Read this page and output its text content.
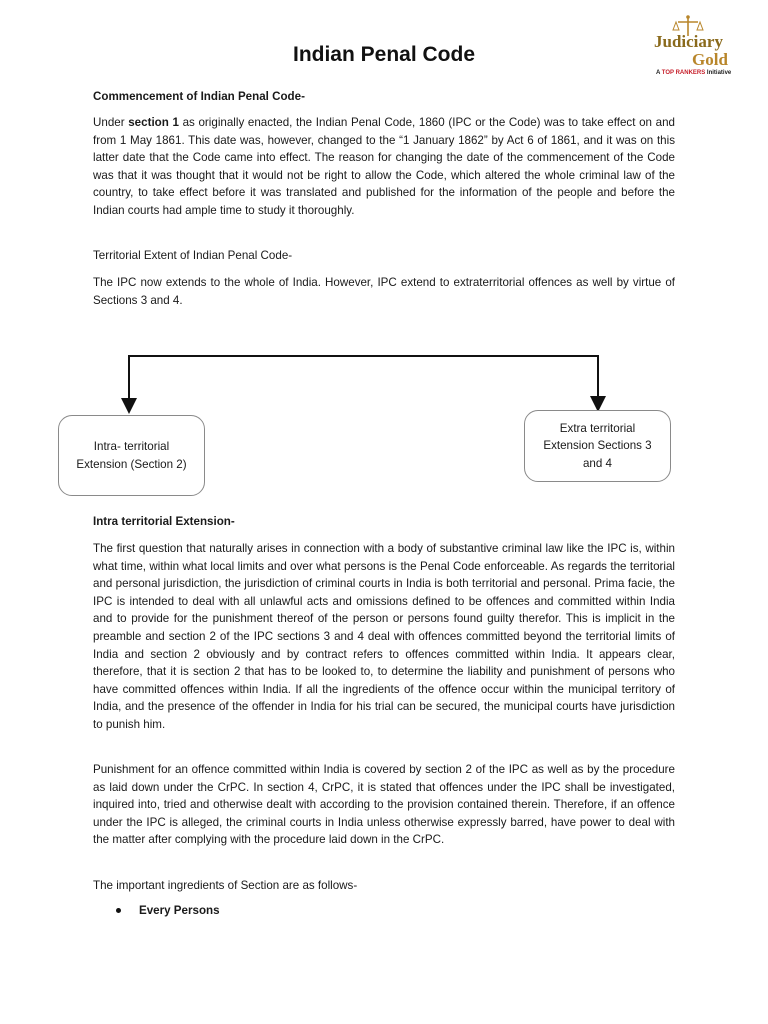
Judiciary
Gold
A TOP RANKERS Initiative
Indian Penal Code

Commencement of Indian Penal Code-

Under section 1 as originally enacted, the Indian Penal Code, 1860 (IPC or the Code) was to take effect on and from 1 May 1861. This date was, however, changed to the “1 January 1862” by Act 6 of 1861, and it was on this latter date that the Code came into effect. The reason for changing the date of the commencement of the Code was that it was thought that it would not be right to allow the Code, which altered the whole criminal law of the country, to take effect before it was translated and published for the information of the people and before the Indian courts had ample time to study it thoroughly.

Territorial Extent of Indian Penal Code-

The IPC now extends to the whole of India. However, IPC extend to extraterritorial offences as well by virtue of Sections 3 and 4.

Intra- territorial Extension (Section 2)
Extra territorial Extension Sections 3 and 4

Intra territorial Extension-

The first question that naturally arises in connection with a body of substantive criminal law like the IPC is, within what time, within what local limits and over what persons is the Penal Code enforceable. As regards the territorial and personal jurisdiction, the jurisdiction of criminal courts in India is both territorial and personal. Prima facie, the IPC is intended to deal with all unlawful acts and omissions defined to be offences and committed within India and to provide for the punishment thereof of the person or persons found guilty therefor. This is implicit in the preamble and section 2 of the IPC sections 3 and 4 deal with offences committed beyond the territorial limits of India and section 2 obviously and by contract refers to offences committed within India. It appears clear, therefore, that it is section 2 that has to be looked to, to determine the liability and punishment of persons who have committed offences within India. If all the ingredients of the offence occur within the municipal territory of India, and the presence of the offender in India for his trial can be secured, the municipal courts have jurisdiction to punish him.

Punishment for an offence committed within India is covered by section 2 of the IPC as well as by the procedure as laid down under the CrPC. In section 4, CrPC, it is stated that offences under the IPC shall be investigated, inquired into, tried and otherwise dealt with according to the provision contained therein. Therefore, if an offence under the IPC is alleged, the criminal courts in India unless otherwise expressly barred, have power to deal with the matter after complying with the procedure laid down in the CrPC.

The important ingredients of Section are as follows-

Every Persons
